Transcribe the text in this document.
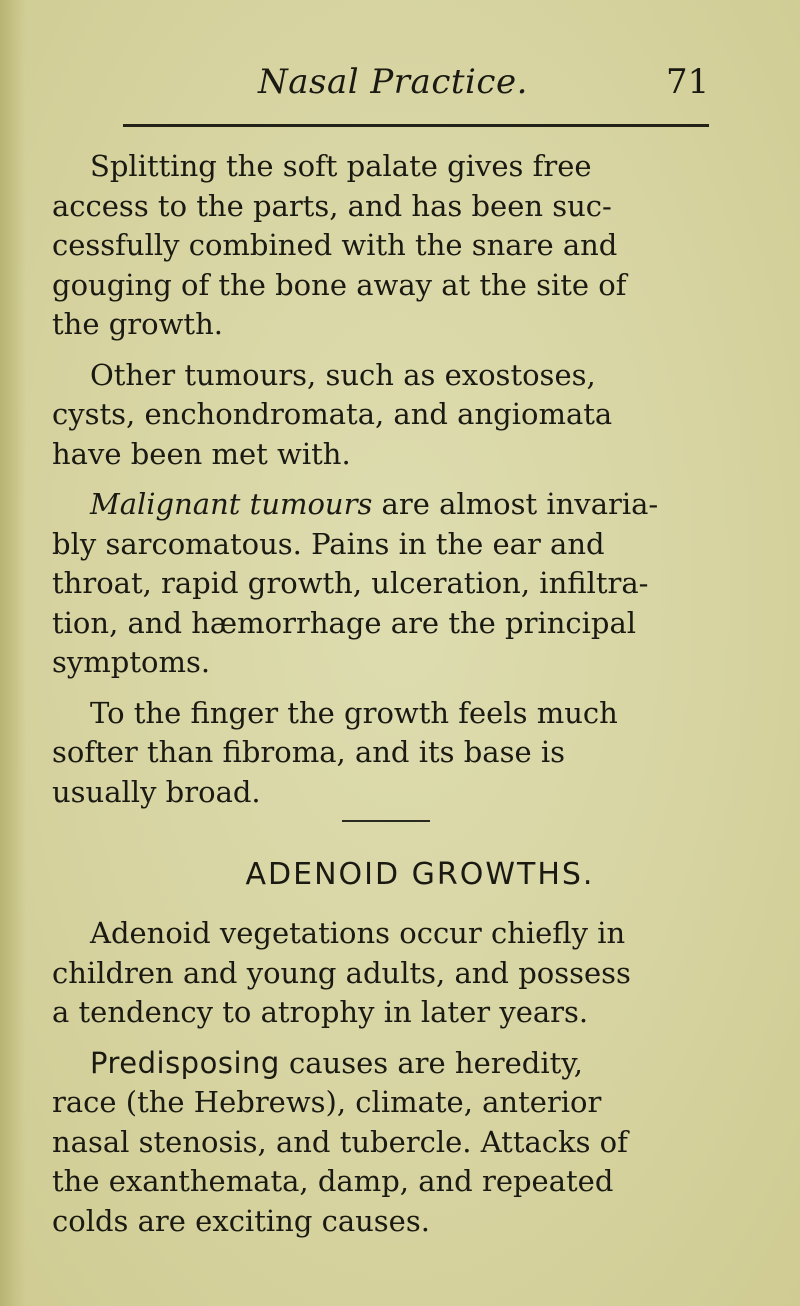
Nasal Practice.	71

Splitting the soft palate gives free
access to the parts, and has been suc-
cessfully combined with the snare and
gouging of the bone away at the site of
the growth.

Other tumours, such as exostoses,
cysts, enchondromata, and angiomata
have been met with.

Malignant tumours are almost invaria-
bly sarcomatous. Pains in the ear and
throat, rapid growth, ulceration, infiltra-
tion, and hæmorrhage are the principal
symptoms.

To the finger the growth feels much
softer than fibroma, and its base is
usually broad.

ADENOID GROWTHS.

Adenoid vegetations occur chiefly in
children and young adults, and possess
a tendency to atrophy in later years.

Predisposing causes are heredity,
race (the Hebrews), climate, anterior
nasal stenosis, and tubercle. Attacks of
the exanthemata, damp, and repeated
colds are exciting causes.
